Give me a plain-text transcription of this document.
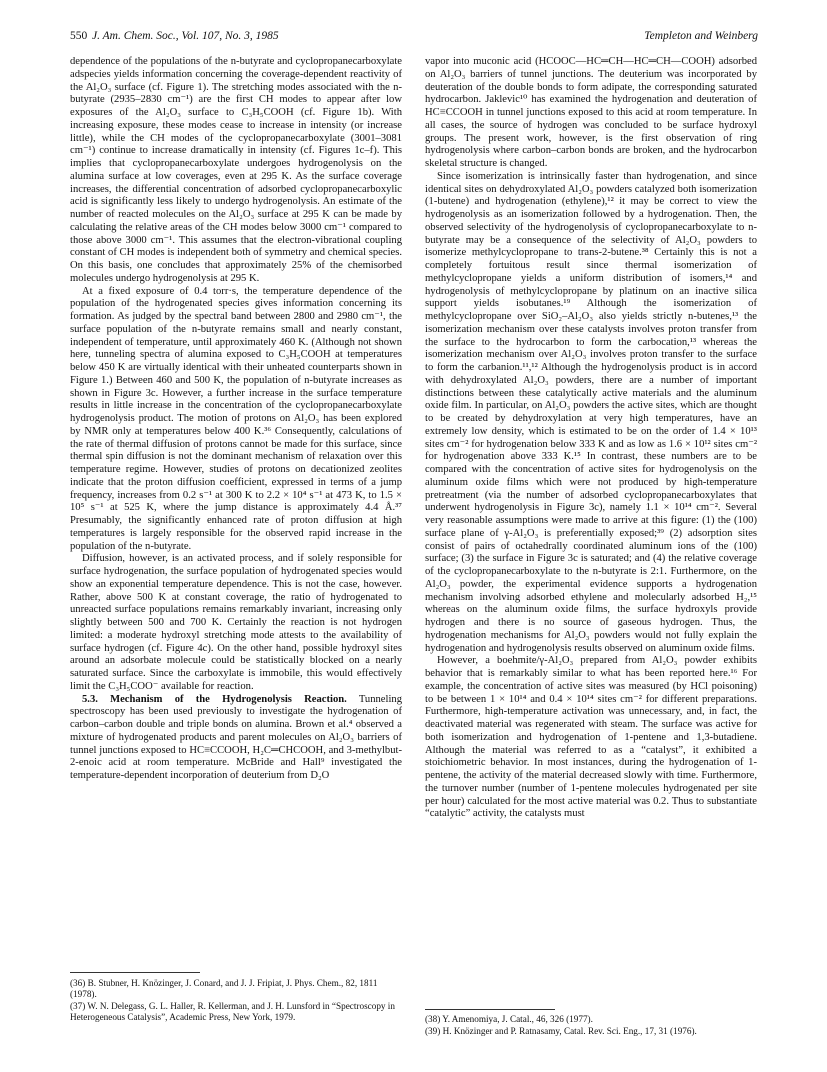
550 J. Am. Chem. Soc., Vol. 107, No. 3, 1985	Templeton and Weinberg

dependence of the populations of the n-butyrate and cyclopropanecarboxylate adspecies yields information concerning the coverage-dependent reactivity of the Al₂O₃ surface (cf. Figure 1). The stretching modes associated with the n-butyrate (2935–2830 cm⁻¹) are the first CH modes to appear after low exposures of the Al₂O₃ surface to C₃H₅COOH (cf. Figure 1b). With increasing exposure, these modes cease to increase in intensity (or increase little), while the CH modes of the cyclopropanecarboxylate (3001–3081 cm⁻¹) continue to increase dramatically in intensity (cf. Figures 1c–f). This implies that cyclopropanecarboxylate undergoes hydrogenolysis on the alumina surface at low coverages, even at 295 K. As the surface coverage increases, the differential concentration of adsorbed cyclopropanecarboxylic acid is significantly less likely to undergo hydrogenolysis. An estimate of the number of reacted molecules on the Al₂O₃ surface at 295 K can be made by calculating the relative areas of the CH modes below 3000 cm⁻¹ compared to those above 3000 cm⁻¹. This assumes that the electron-vibrational coupling constant of CH modes is independent both of symmetry and chemical species. On this basis, one concludes that approximately 25% of the chemisorbed molecules undergo hydrogenolysis at 295 K.

At a fixed exposure of 0.4 torr·s, the temperature dependence of the population of the hydrogenated species gives information concerning its formation. As judged by the spectral band between 2800 and 2980 cm⁻¹, the surface population of the n-butyrate remains small and nearly constant, independent of temperature, until approximately 460 K. (Although not shown here, tunneling spectra of alumina exposed to C₃H₅COOH at temperatures below 450 K are virtually identical with their unheated counterparts shown in Figure 1.) Between 460 and 500 K, the population of n-butyrate increases as shown in Figure 3c. However, a further increase in the surface temperature results in little increase in the concentration of the cyclopropanecarboxylate hydrogenolysis product. The motion of protons on Al₂O₃ has been explored by NMR only at temperatures below 400 K.³⁶ Consequently, calculations of the rate of thermal diffusion of protons cannot be made for this surface, since thermal spin diffusion is not the dominant mechanism of relaxation over this temperature regime. However, studies of protons on decationized zeolites indicate that the proton diffusion coefficient, expressed in terms of a jump frequency, increases from 0.2 s⁻¹ at 300 K to 2.2 × 10⁴ s⁻¹ at 473 K, to 1.5 × 10⁵ s⁻¹ at 525 K, where the jump distance is approximately 4.4 Å.³⁷ Presumably, the significantly enhanced rate of proton diffusion at high temperatures is largely responsible for the observed rapid increase in the population of the n-butyrate.

Diffusion, however, is an activated process, and if solely responsible for surface hydrogenation, the surface population of hydrogenated species would show an exponential temperature dependence. This is not the case, however. Rather, above 500 K at constant coverage, the ratio of hydrogenated to unreacted surface populations remains remarkably invariant, increasing only slightly between 500 and 700 K. Certainly the reaction is not hydrogen limited: a moderate hydroxyl stretching mode attests to the availability of surface hydrogen (cf. Figure 4c). On the other hand, possible hydroxyl sites around an adsorbate molecule could be statistically blocked on a nearly saturated surface. Since the carboxylate is immobile, this would effectively limit the C₃H₅COO⁻ available for reaction.

5.3. Mechanism of the Hydrogenolysis Reaction. Tunneling spectroscopy has been used previously to investigate the hydrogenation of carbon–carbon double and triple bonds on alumina. Brown et al.⁴ observed a mixture of hydrogenated products and parent molecules on Al₂O₃ barriers of tunnel junctions exposed to HC≡CCOOH, H₂C═CHCOOH, and 3-methylbut-2-enoic acid at room temperature. McBride and Hall⁹ investigated the temperature-dependent incorporation of deuterium from D₂O

vapor into muconic acid (HCOOC—HC═CH—HC═CH—COOH) adsorbed on Al₂O₃ barriers of tunnel junctions. The deuterium was incorporated by deuteration of the double bonds to form adipate, the corresponding saturated hydrocarbon. Jaklevic¹⁰ has examined the hydrogenation and deuteration of HC≡CCOOH in tunnel junctions exposed to this acid at room temperature. In all cases, the source of hydrogen was concluded to be surface hydroxyl groups. The present work, however, is the first observation of ring hydrogenolysis where carbon–carbon bonds are broken, and the hydrocarbon skeletal structure is changed.

Since isomerization is intrinsically faster than hydrogenation, and since identical sites on dehydroxylated Al₂O₃ powders catalyzed both isomerization (1-butene) and hydrogenation (ethylene),¹² it may be correct to view the hydrogenolysis as an isomerization followed by a hydrogenation. Then, the observed selectivity of the hydrogenolysis of cyclopropanecarboxylate to n-butyrate may be a consequence of the selectivity of Al₂O₃ powders to isomerize methylcyclopropane to trans-2-butene.³⁸ Certainly this is not a completely fortuitous result since thermal isomerization of methylcyclopropane yields a uniform distribution of isomers,¹⁴ and hydrogenolysis of methylcyclopropane by platinum on an inactive silica support yields isobutanes.¹⁹ Although the isomerization of methylcyclopropane over SiO₂–Al₂O₃ also yields strictly n-butenes,¹³ the isomerization mechanism over these catalysts involves proton transfer from the surface to the hydrocarbon to form the carbocation,¹³ whereas the isomerization mechanism over Al₂O₃ involves proton transfer to the surface to form the carbanion.¹¹,¹² Although the hydrogenolysis product is in accord with dehydroxylated Al₂O₃ powders, there are a number of important distinctions between these catalytically active materials and the aluminum oxide film. In particular, on Al₂O₃ powders the active sites, which are thought to be created by dehydroxylation at very high temperatures, have an extremely low density, which is estimated to be on the order of 1.4 × 10¹³ sites cm⁻² for hydrogenation below 333 K and as low as 1.6 × 10¹² sites cm⁻² for hydrogenation above 333 K.¹⁵ In contrast, these numbers are to be compared with the concentration of active sites for hydrogenolysis on the aluminum oxide films which were not produced by high-temperature pretreatment (via the number of adsorbed cyclopropanecarboxylates that underwent hydrogenolysis in Figure 3c), namely 1.1 × 10¹⁴ cm⁻². Several very reasonable assumptions were made to arrive at this figure: (1) the (100) surface plane of γ-Al₂O₃ is preferentially exposed;³⁹ (2) adsorption sites consist of pairs of octahedrally coordinated aluminum ions of the (100) surface; (3) the surface in Figure 3c is saturated; and (4) the relative coverage of the cyclopropanecarboxylate to the n-butyrate is 2:1. Furthermore, on the Al₂O₃ powder, the experimental evidence supports a hydrogenation mechanism involving adsorbed ethylene and molecularly adsorbed H₂,¹⁵ whereas on the aluminum oxide films, the surface hydroxyls provide hydrogen and there is no source of gaseous hydrogen. Thus, the hydrogenation mechanisms for Al₂O₃ powders would not fully explain the hydrogenation and hydrogenolysis results observed on aluminum oxide films.

However, a boehmite/γ-Al₂O₃ prepared from Al₂O₃ powder exhibits behavior that is remarkably similar to what has been reported here.¹⁶ For example, the concentration of active sites was measured (by HCl poisoning) to be between 1 × 10¹⁴ and 0.4 × 10¹⁴ sites cm⁻² for different preparations. Furthermore, high-temperature activation was unnecessary, and, in fact, the deactivated material was regenerated with steam. The surface was active for both isomerization and hydrogenation of 1-pentene and 1,3-butadiene. Although the material was referred to as a “catalyst”, it exhibited a stoichiometric behavior. In most instances, during the hydrogenation of 1-pentene, the activity of the material decreased slowly with time. Furthermore, the turnover number (number of 1-pentene molecules hydrogenated per site per hour) calculated for the most active material was 0.2. Thus to substantiate “catalytic” activity, the catalysts must

(36) B. Stubner, H. Knözinger, J. Conard, and J. J. Fripiat, J. Phys. Chem., 82, 1811 (1978).
(37) W. N. Delegass, G. L. Haller, R. Kellerman, and J. H. Lunsford in “Spectroscopy in Heterogeneous Catalysis”, Academic Press, New York, 1979.	(38) Y. Amenomiya, J. Catal., 46, 326 (1977).
(39) H. Knözinger and P. Ratnasamy, Catal. Rev. Sci. Eng., 17, 31 (1976).
